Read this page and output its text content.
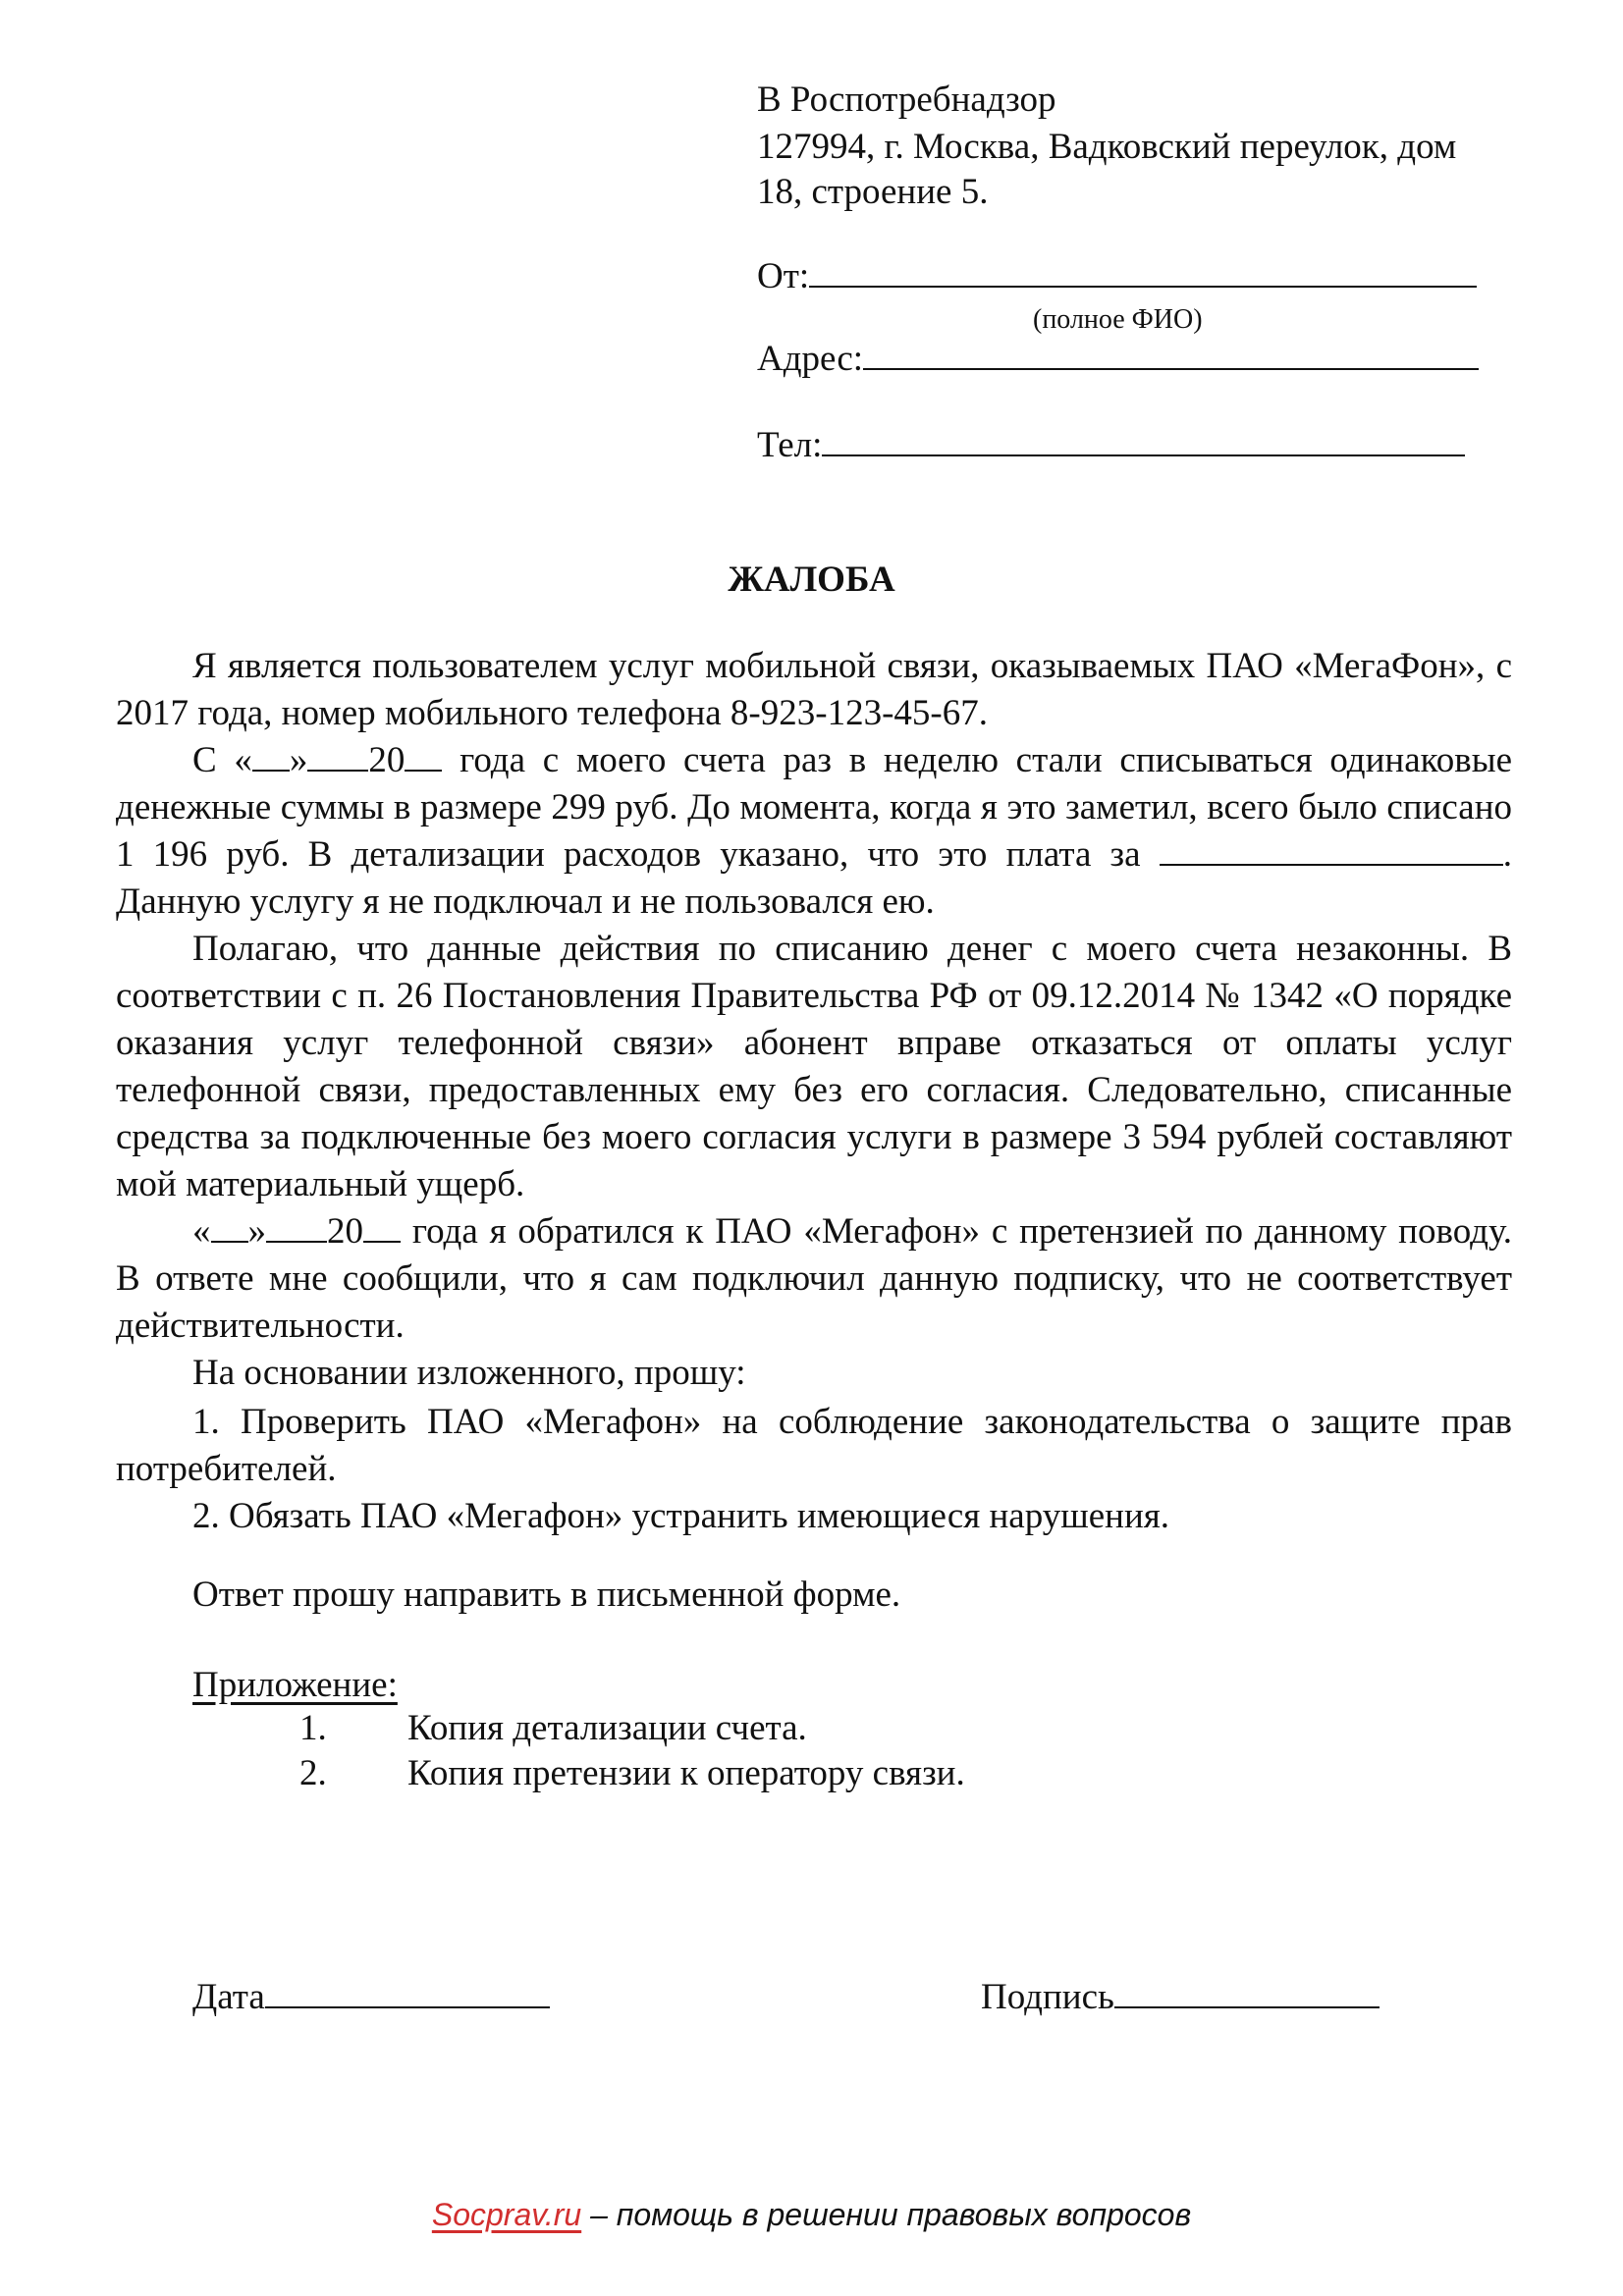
В Роспотребнадзор
127994, г. Москва, Вадковский переулок, дом
18, строение 5.
От:
(полное ФИО)
Адрес:
Тел:
ЖАЛОБА

Я является пользователем услуг мобильной связи, оказываемых ПАО «МегаФон», с 2017 года, номер мобильного телефона 8-923-123-45-67.

С « » 20 года с моего счета раз в неделю стали списываться одинаковые денежные суммы в размере 299 руб. До момента, когда я это заметил, всего было списано 1 196 руб. В детализации расходов указано, что это плата за	. Данную услугу я не подключал и не пользовался ею.

Полагаю, что данные действия по списанию денег с моего счета незаконны. В соответствии с п. 26 Постановления Правительства РФ от 09.12.2014 № 1342 «О порядке оказания услуг телефонной связи» абонент вправе отказаться от оплаты услуг телефонной связи, предоставленных ему без его согласия. Следовательно, списанные средства за подключенные без моего согласия услуги в размере 3 594 рублей составляют мой материальный ущерб.

« » 20 года я обратился к ПАО «Мегафон» с претензией по данному поводу. В ответе мне сообщили, что я сам подключил данную подписку, что не соответствует действительности.

На основании изложенного, прошу:

1. Проверить ПАО «Мегафон» на соблюдение законодательства о защите прав потребителей.

2. Обязать ПАО «Мегафон» устранить имеющиеся нарушения.

Ответ прошу направить в письменной форме.
Приложение:
1. Копия детализации счета.
2. Копия претензии к оператору связи.
Дата	Подпись
Socprav.ru – помощь в решении правовых вопросов
